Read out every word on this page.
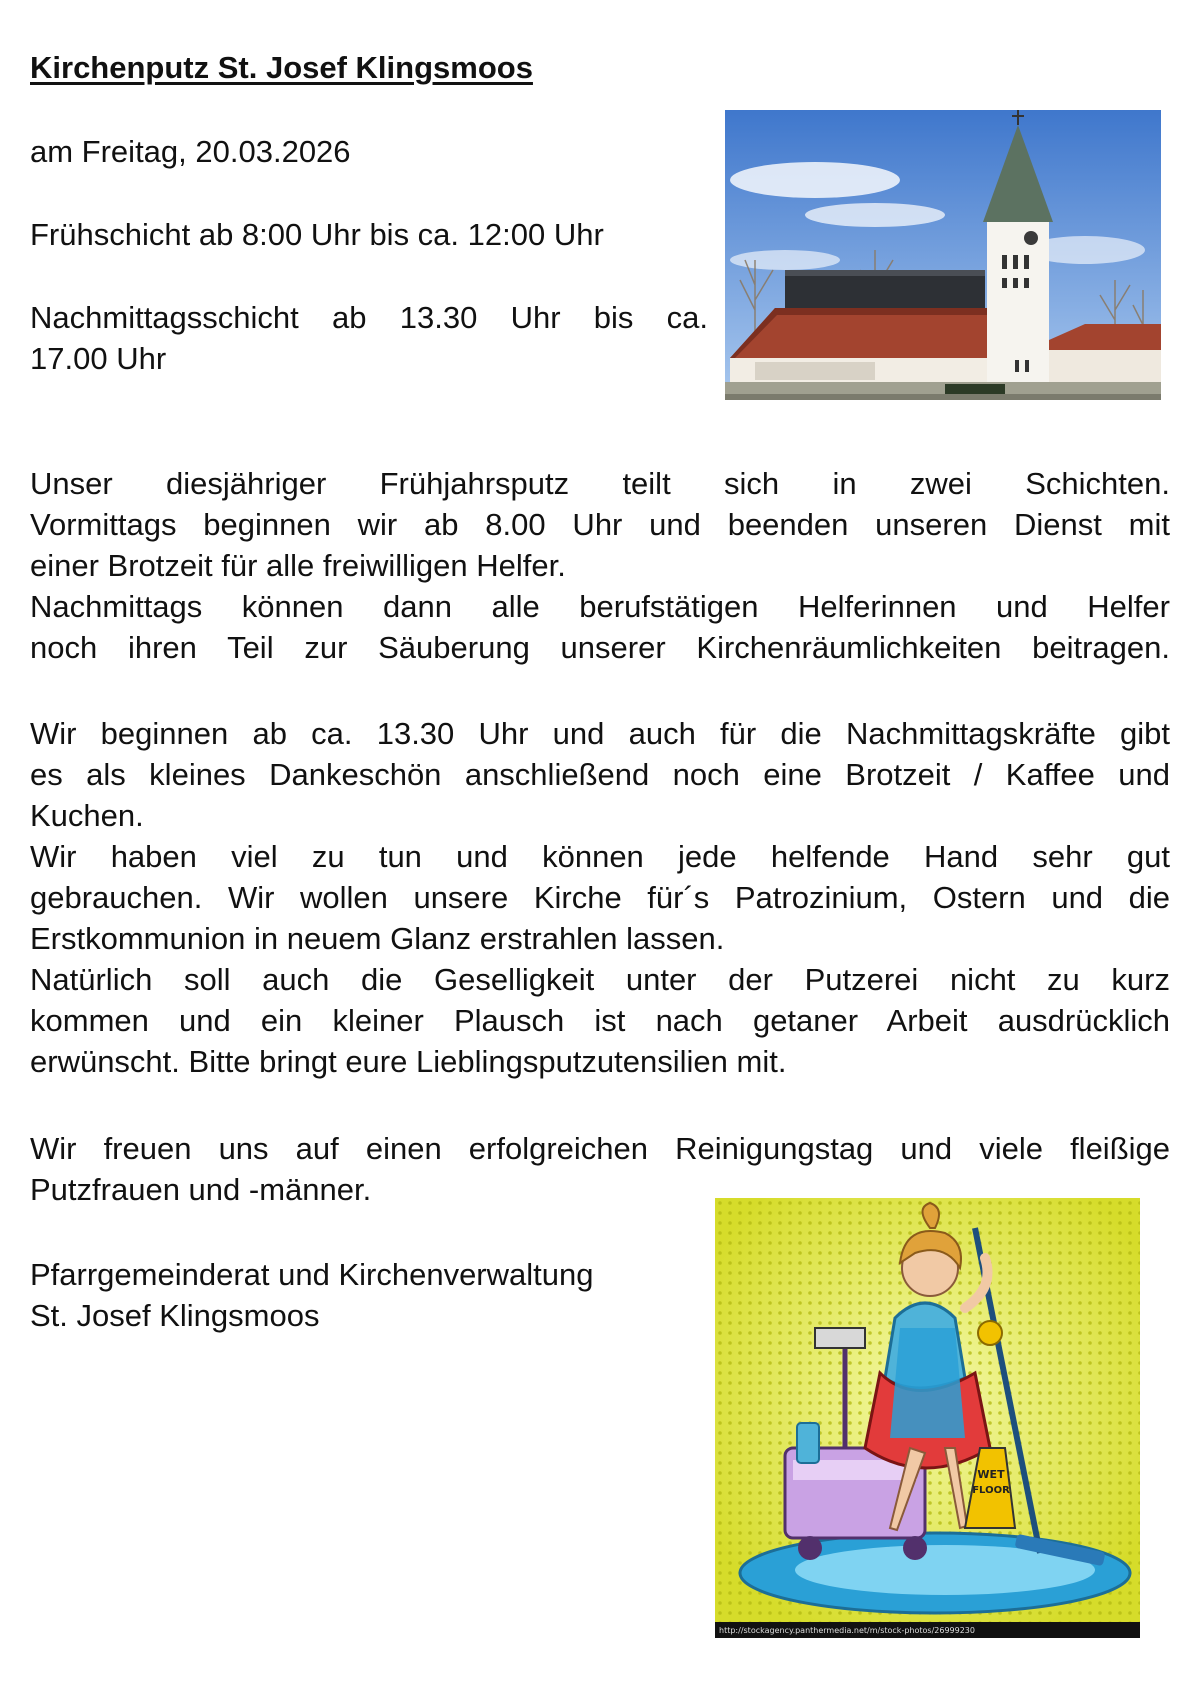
Kirchenputz St. Josef Klingsmoos

am Freitag, 20.03.2026

Frühschicht ab 8:00 Uhr bis ca. 12:00 Uhr

Nachmittagsschicht ab 13.30 Uhr bis ca.

17.00 Uhr

Unser diesjähriger Frühjahrsputz teilt sich in zwei Schichten.

Vormittags beginnen wir ab 8.00 Uhr und beenden unseren Dienst mit

einer Brotzeit für alle freiwilligen Helfer.

Nachmittags können dann alle berufstätigen Helferinnen und Helfer

noch ihren Teil zur Säuberung unserer Kirchenräumlichkeiten beitragen.

Wir beginnen ab ca. 13.30 Uhr und auch für die Nachmittagskräfte gibt

es als kleines Dankeschön anschließend noch eine Brotzeit / Kaffee und

Kuchen.

Wir haben viel zu tun und können jede helfende Hand sehr gut

gebrauchen. Wir wollen unsere Kirche für´s Patrozinium, Ostern und die

Erstkommunion in neuem Glanz erstrahlen lassen.

Natürlich soll auch die Geselligkeit unter der Putzerei nicht zu kurz

kommen und ein kleiner Plausch ist nach getaner Arbeit ausdrücklich

erwünscht. Bitte bringt eure Lieblingsputzutensilien mit.

Wir freuen uns auf einen erfolgreichen Reinigungstag und viele fleißige

Putzfrauen und -männer.

Pfarrgemeinderat und Kirchenverwaltung

St. Josef Klingsmoos

WET
FLOOR
http://stockagency.panthermedia.net/m/stock-photos/26999230
